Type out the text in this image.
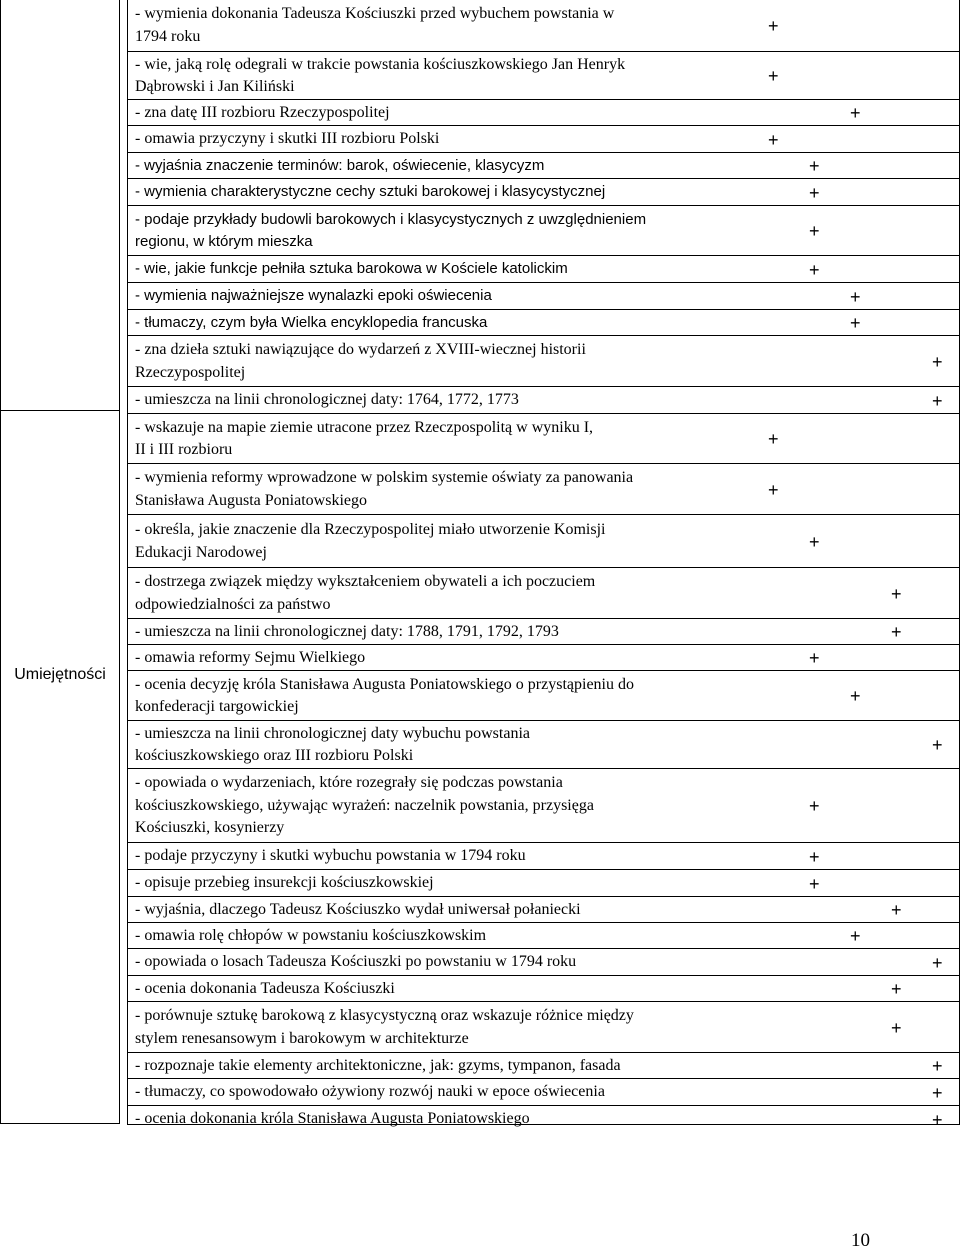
Umiejętności
- wymienia dokonania Tadeusza Kościuszki przed wybuchem powstania w
1794 roku
+
- wie, jaką rolę odegrali w trakcie powstania kościuszkowskiego Jan Henryk
Dąbrowski i Jan Kiliński
+
- zna datę III rozbioru Rzeczypospolitej	+
- omawia przyczyny i skutki III rozbioru Polski	+
- wyjaśnia znaczenie terminów: barok, oświecenie, klasycyzm	+
- wymienia charakterystyczne cechy sztuki barokowej i klasycystycznej	+
- podaje przykłady budowli barokowych i klasycystycznych z uwzględnieniem
regionu, w którym mieszka
+
- wie, jakie funkcje pełniła sztuka barokowa w Kościele katolickim	+
- wymienia najważniejsze wynalazki epoki oświecenia	+
- tłumaczy, czym była Wielka encyklopedia francuska	+
- zna dzieła sztuki nawiązujące do wydarzeń z XVIII-wiecznej historii
Rzeczypospolitej
+
- umieszcza na linii chronologicznej daty: 1764, 1772, 1773	+
- wskazuje na mapie ziemie utracone przez Rzeczpospolitą w wyniku I,
II i III rozbioru
+
- wymienia reformy wprowadzone w polskim systemie oświaty za panowania
Stanisława Augusta Poniatowskiego
+
- określa, jakie znaczenie dla Rzeczypospolitej miało utworzenie Komisji
Edukacji Narodowej
+
- dostrzega związek między wykształceniem obywateli a ich poczuciem
odpowiedzialności za państwo
+
- umieszcza na linii chronologicznej daty: 1788, 1791, 1792, 1793	+
- omawia reformy Sejmu Wielkiego	+
- ocenia decyzję króla Stanisława Augusta Poniatowskiego o przystąpieniu do
konfederacji targowickiej
+
- umieszcza na linii chronologicznej daty wybuchu powstania
kościuszkowskiego oraz III rozbioru Polski
+
- opowiada o wydarzeniach, które rozegrały się podczas powstania
kościuszkowskiego, używając wyrażeń: naczelnik powstania, przysięga
Kościuszki, kosynierzy
+
- podaje przyczyny i skutki wybuchu powstania w 1794 roku	+
- opisuje przebieg insurekcji kościuszkowskiej	+
- wyjaśnia, dlaczego Tadeusz Kościuszko wydał uniwersał połaniecki	+
- omawia rolę chłopów w powstaniu kościuszkowskim	+
- opowiada o losach Tadeusza Kościuszki po powstaniu w 1794 roku	+
- ocenia dokonania Tadeusza Kościuszki	+
- porównuje sztukę barokową z klasycystyczną oraz wskazuje różnice między
stylem renesansowym i barokowym w architekturze
+
- rozpoznaje takie elementy architektoniczne, jak: gzyms, tympanon, fasada	+
- tłumaczy, co spowodowało ożywiony rozwój nauki w epoce oświecenia	+
- ocenia dokonania króla Stanisława Augusta Poniatowskiego	+
10
